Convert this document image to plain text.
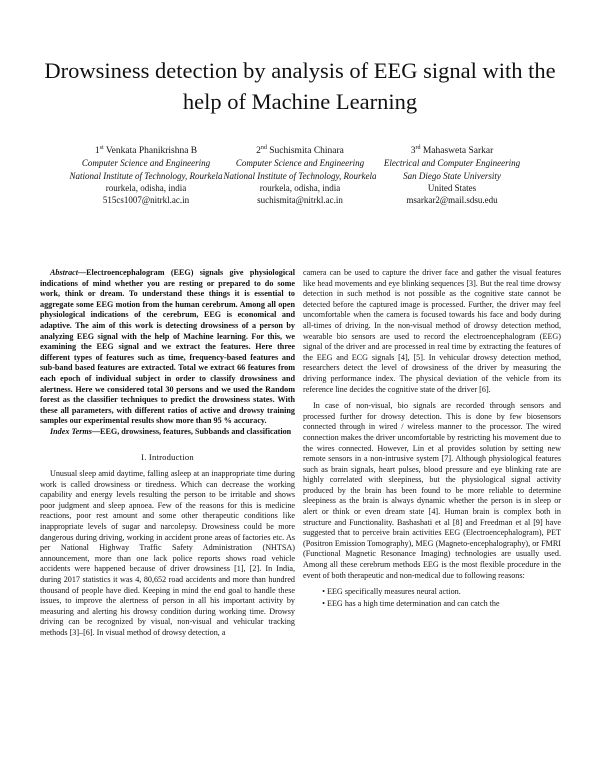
Drowsiness detection by analysis of EEG signal with the help of Machine Learning
1st Venkata Phanikrishna B
Computer Science and Engineering
National Institute of Technology, Rourkela
rourkela, odisha, india
515cs1007@nitrkl.ac.in
2nd Suchismita Chinara
Computer Science and Engineering
National Institute of Technology, Rourkela
rourkela, odisha, india
suchismita@nitrkl.ac.in
3rd Mahasweta Sarkar
Electrical and Computer Engineering
San Diego State University
United States
msarkar2@mail.sdsu.edu

Abstract—Electroencephalogram (EEG) signals give physiological indications of mind whether you are resting or prepared to do some work, think or dream. To understand these things it is essential to aggregate some EEG motion from the human cerebrum. Among all open physiological indications of the cerebrum, EEG is economical and adaptive. The aim of this work is detecting drowsiness of a person by analyzing EEG signal with the help of Machine learning. For this, we examining the EEG signal and we extract the features. Here three different types of features such as time, frequency-based features and sub-band based features are extracted. Total we extract 66 features from each epoch of individual subject in order to classify drowsiness and alertness. Here we considered total 30 persons and we used the Random forest as the classifier techniques to predict the drowsiness states. With these all parameters, with different ratios of active and drowsy training samples our experimental results show more than 95 % accuracy.

Index Terms—EEG, drowsiness, features, Subbands and classification

I. Introduction

Unusual sleep amid daytime, falling asleep at an inappropriate time during work is called drowsiness or tiredness. Which can decrease the working capability and energy levels resulting the person to be irritable and shows poor judgment and sleep apnoea. Few of the reasons for this is medicine reactions, poor rest amount and some other therapeutic conditions like inappropriate levels of sugar and narcolepsy. Drowsiness could be more dangerous during driving, working in accident prone areas of factories etc. As per National Highway Traffic Safety Administration (NHTSA) announcement, more than one lack police reports shows road vehicle accidents were happened because of driver drowsiness [1], [2]. In India, during 2017 statistics it was 4, 80,652 road accidents and more than hundred thousand of people have died. Keeping in mind the end goal to handle these issues, to improve the alertness of person in all his important activity by measuring and alerting his drowsy condition during working time. Drowsy driving can be recognized by visual, non-visual and vehicular tracking methods [3]–[6]. In visual method of drowsy detection, a

camera can be used to capture the driver face and gather the visual features like head movements and eye blinking sequences [3]. But the real time drowsy detection in such method is not possible as the cognitive state cannot be detected before the captured image is processed. Further, the driver may feel uncomfortable when the camera is focused towards his face and body during all-times of driving. In the non-visual method of drowsy detection method, wearable bio sensors are used to record the electroencephalogram (EEG) signal of the driver and are processed in real time by extracting the features of the EEG and ECG signals [4], [5]. In vehicular drowsy detection method, researchers detect the level of drowsiness of the driver by measuring the driving performance index. The physical deviation of the vehicle from its reference line decides the cognitive state of the driver [6].

In case of non-visual, bio signals are recorded through sensors and processed further for drowsy detection. This is done by few biosensors connected through in wired / wireless manner to the processor. The wired connection makes the driver uncomfortable by restricting his movement due to the wires connected. However, Lin et al provides solution by setting new remote sensors in a non-intrusive system [7]. Although physiological features such as brain signals, heart pulses, blood pressure and eye blinking rate are highly correlated with sleepiness, but the physiological signal activity produced by the brain has been found to be more reliable to determine sleepiness as the brain is always dynamic whether the person is in sleep or alert or think or even dream state [4]. Human brain is complex both in structure and Functionality. Bashashati et al [8] and Freedman et al [9] have suggested that to perceive brain activities EEG (Electroencephalogram), PET (Positron Emission Tomography), MEG (Magneto-encephalography), or FMRI (Functional Magnetic Resonance Imaging) technologies are usually used. Among all these cerebrum methods EEG is the most flexible procedure in the event of both therapeutic and non-medical due to following reasons:

• EEG specifically measures neural action.
• EEG has a high time determination and can catch the
